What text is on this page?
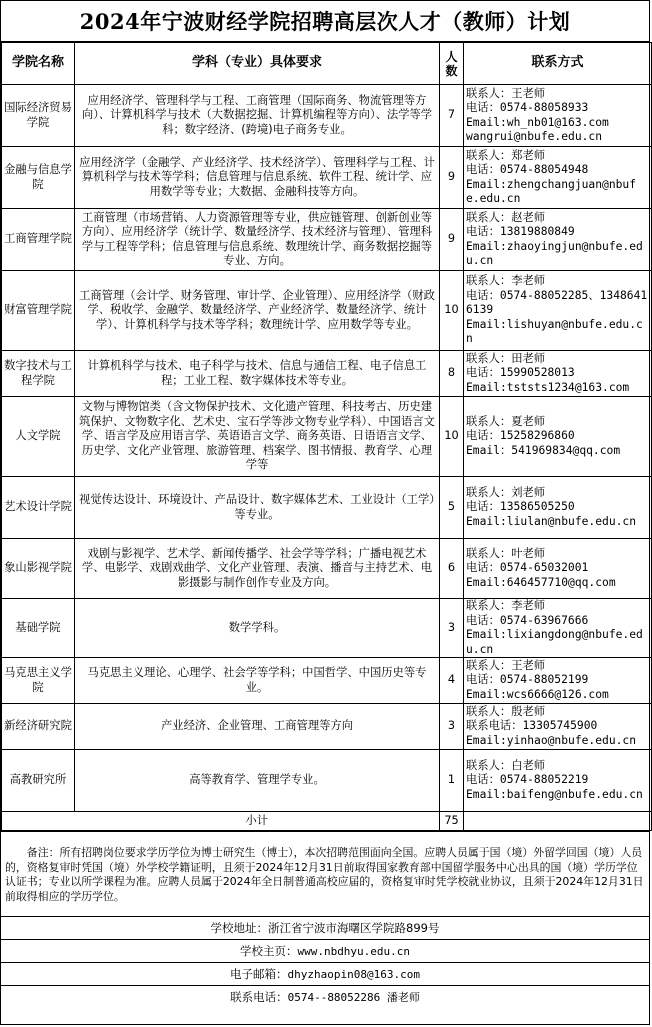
2024年宁波财经学院招聘高层次人才（教师）计划
学院名称	学科（专业）具体要求	人数	联系方式
国际经济贸易学院	应用经济学、管理科学与工程、工商管理（国际商务、物流管理等方向）、计算机科学与技术（大数据挖掘、计算机编程等方向）、法学等学科；数字经济、(跨境)电子商务专业。	7	联系人：王老师
电话：0574-88058933
Email:wh_nb01@163.com
wangrui@nbufe.edu.cn

金融与信息学院	应用经济学（金融学、产业经济学、技术经济学）、管理科学与工程、计算机科学与技术等学科；信息管理与信息系统、软件工程、统计学、应用数学等专业；大数据、金融科技等方向。	9	联系人：郑老师
电话：0574-88054948
Email:zhengchangjuan@nbufe.edu.cn

工商管理学院	工商管理（市场营销、人力资源管理等专业，供应链管理、创新创业等方向）、应用经济学（统计学、数量经济学、技术经济与管理）、管理科学与工程等学科；信息管理与信息系统、数理统计学、商务数据挖掘等专业、方向。	9	联系人：赵老师
电话：13819880849
Email:zhaoyingjun@nbufe.edu.cn

财富管理学院	工商管理（会计学、财务管理、审计学、企业管理）、应用经济学（财政学、税收学、金融学、数量经济学、产业经济学、数量经济学、统计学）、计算机科学与技术等学科；数理统计学、应用数学等专业。	10	联系人：李老师
电话：0574-88052285、13486416139
Email:lishuyan@nbufe.edu.cn

数字技术与工程学院	计算机科学与技术、电子科学与技术、信息与通信工程、电子信息工程；工业工程、数字媒体技术等专业。	8	联系人：田老师
电话：15990528013
Email:tststs1234@163.com

人文学院	文物与博物馆类（含文物保护技术、文化遗产管理、科技考古、历史建筑保护、文物数字化、艺术史、宝石学等涉文物专业学科）、中国语言文学、语言学及应用语言学、英语语言文学、商务英语、日语语言文学、历史学、文化产业管理、旅游管理、档案学、图书情报、教育学、心理学等	10	联系人：夏老师
电话：15258296860
Email：541969834@qq.com

艺术设计学院	视觉传达设计、环境设计、产品设计、数字媒体艺术、工业设计（工学）等专业。	5	联系人：刘老师
电话：13586505250
Email:liulan@nbufe.edu.cn

象山影视学院	戏剧与影视学、艺术学、新闻传播学、社会学等学科；广播电视艺术学、电影学、戏剧戏曲学、文化产业管理、表演、播音与主持艺术、电影摄影与制作创作专业及方向。	6	联系人：叶老师
电话：0574-65032001
Email:646457710@qq.com

基础学院	数学学科。	3	联系人：李老师
电话：0574-63967666
Email:lixiangdong@nbufe.edu.cn

马克思主义学院	马克思主义理论、心理学、社会学等学科；中国哲学、中国历史等专业。	4	联系人：王老师
电话：0574-88052199
Email:wcs6666@126.com

新经济研究院	产业经济、企业管理、工商管理等方向	3	联系人：殷老师
联系电话：13305745900
Email:yinhao@nbufe.edu.cn

高教研究所	高等教育学、管理学专业。	1	联系人：白老师
电话：0574-88052219
Email:baifeng@nbufe.edu.cn

	小计	75	
备注：所有招聘岗位要求学历学位为博士研究生（博士），本次招聘范围面向全国。应聘人员属于国（境）外留学回国（境）人员的，资格复审时凭国（境）外学校学籍证明，且须于2024年12月31日前取得国家教育部中国留学服务中心出具的国（境）学历学位认证书；专业以所学课程为准。应聘人员属于2024年全日制普通高校应届的，资格复审时凭学校就业协议，且须于2024年12月31日前取得相应的学历学位。
学校地址： 浙江省宁波市海曙区学院路899号
学校主页： www.nbdhyu.edu.cn
电子邮箱： dhyzhaopin08@163.com
联系电话： 0574--88052286 潘老师
